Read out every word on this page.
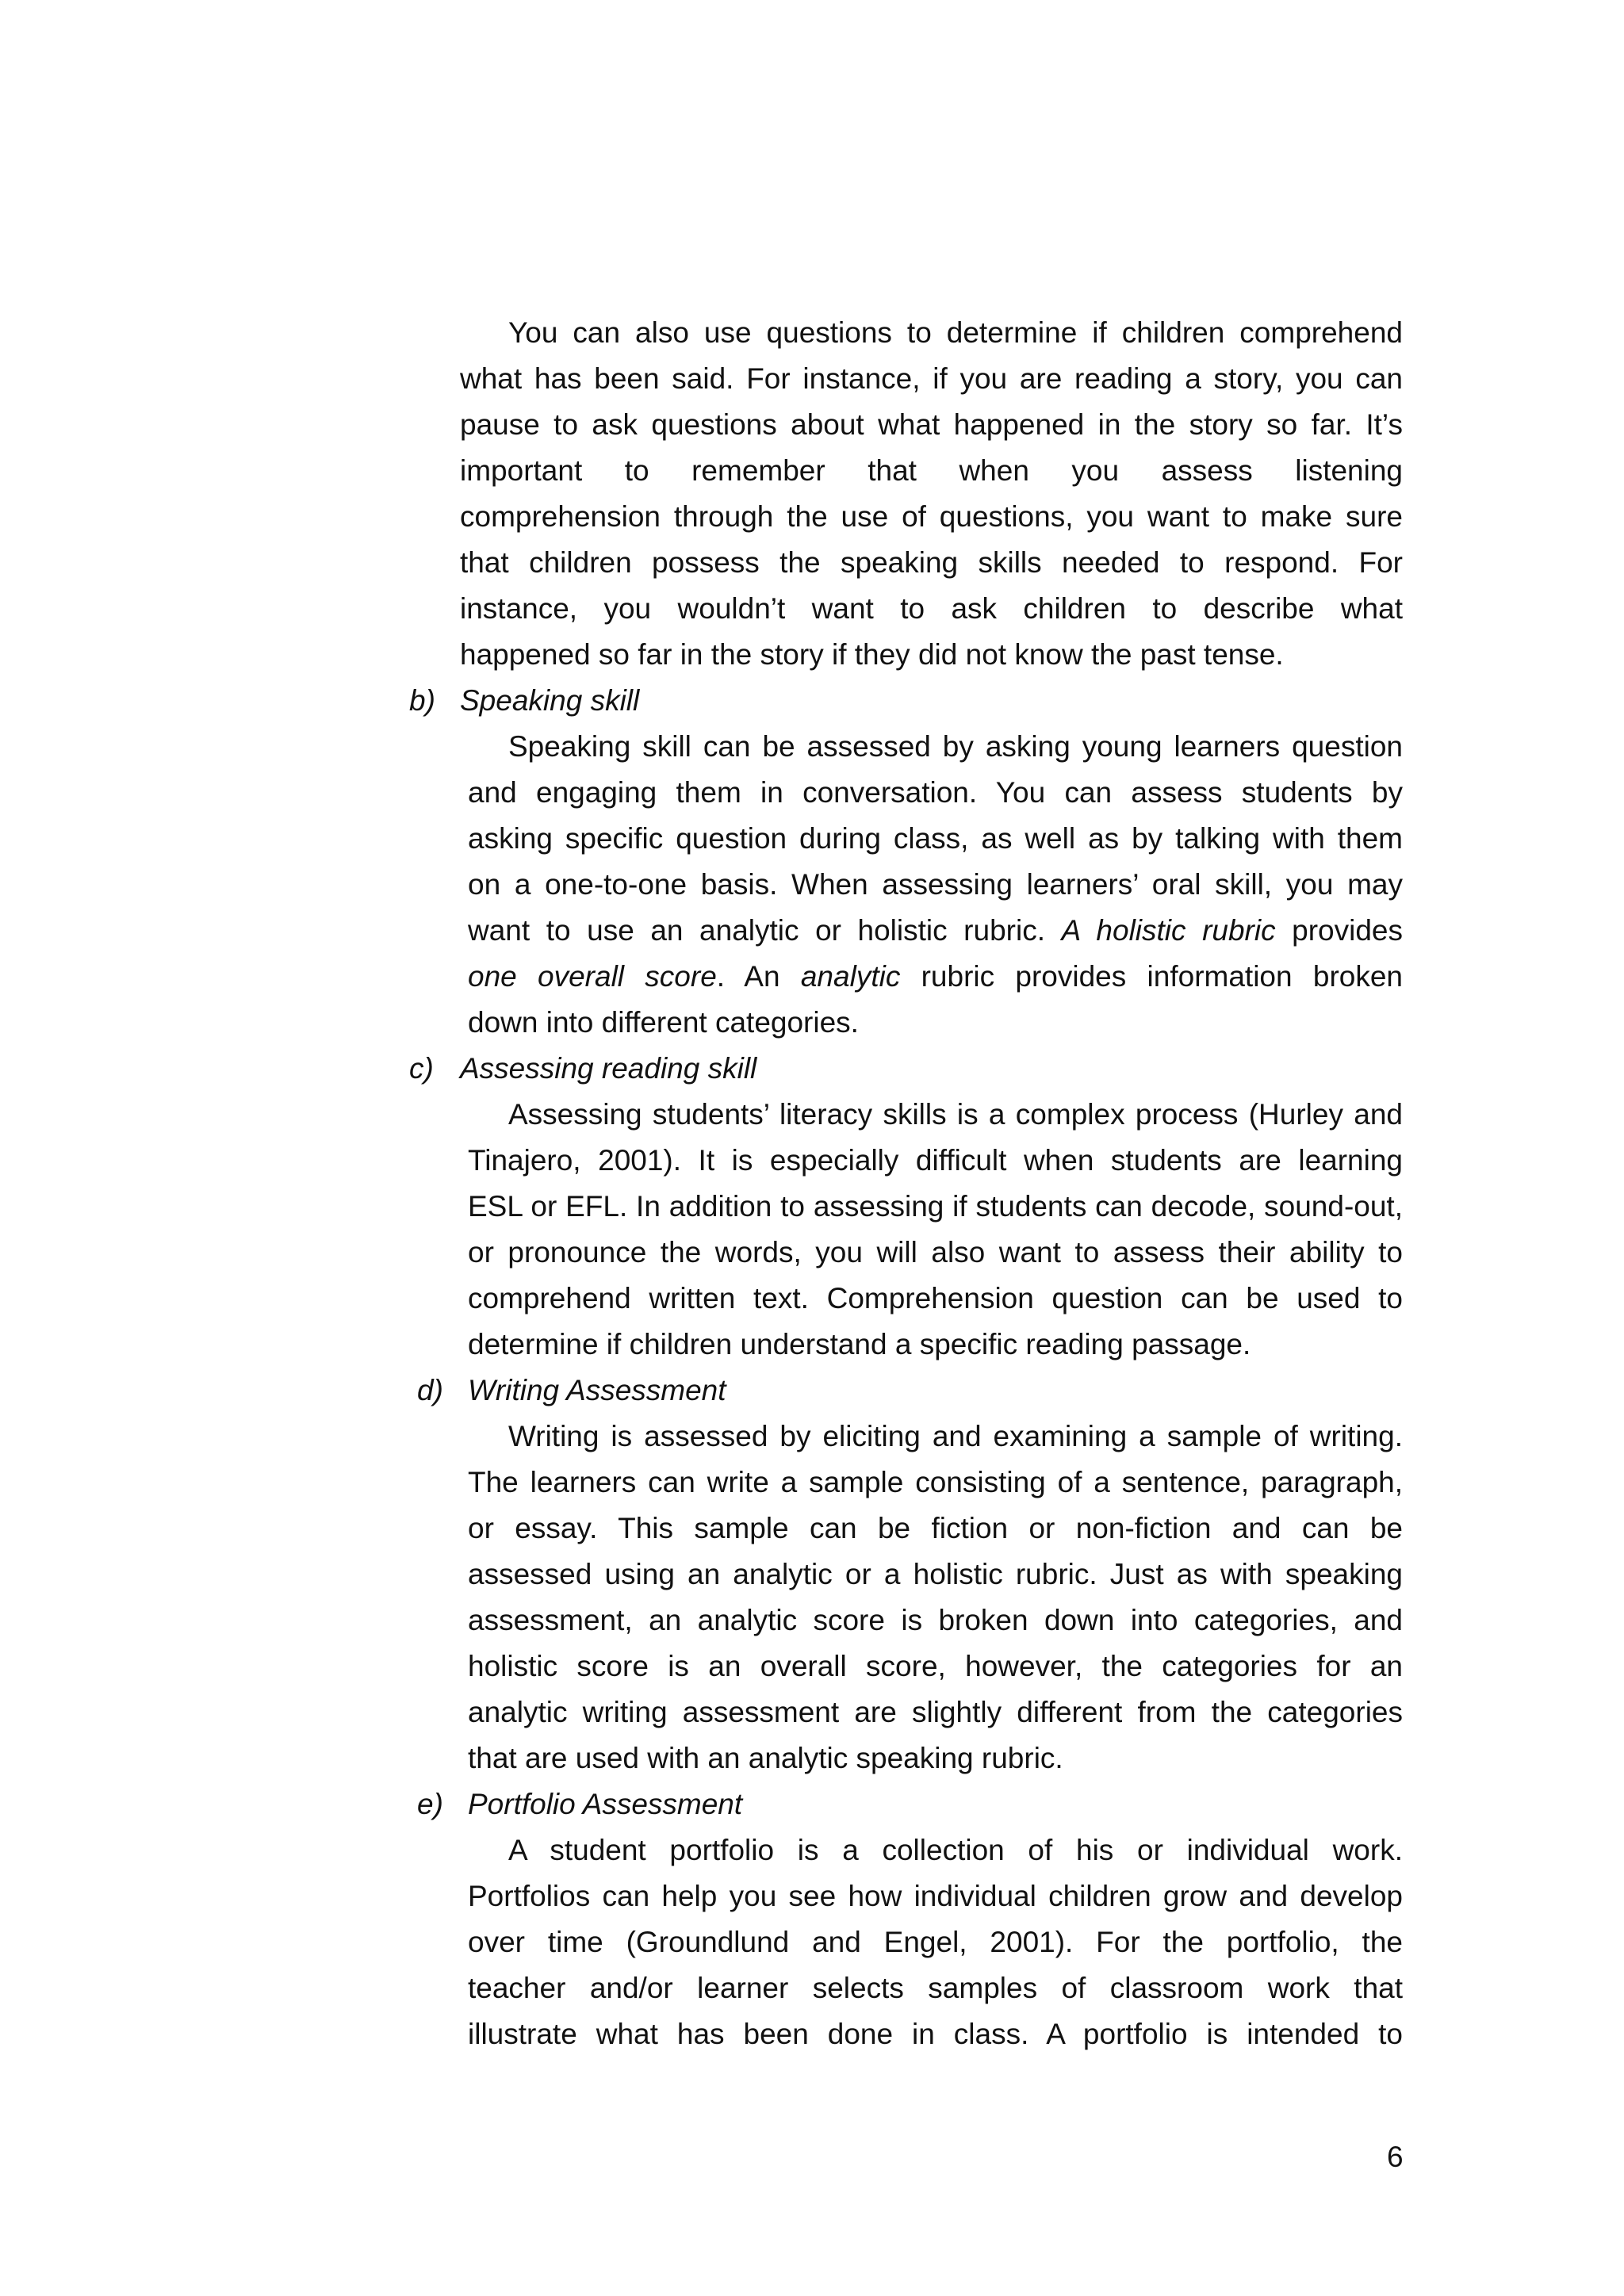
You can also use questions to determine if children comprehend
what has been said. For instance, if you are reading a story, you can
pause to ask questions about what happened in the story so far. It’s
important to remember that when you assess listening
comprehension through the use of questions, you want to make sure
that children possess the speaking skills needed to respond. For
instance, you wouldn’t want to ask children to describe what
happened so far in the story if they did not know the past tense.
b) Speaking skill
Speaking skill can be assessed by asking young learners question
and engaging them in conversation. You can assess students by
asking specific question during class, as well as by talking with them
on a one-to-one basis. When assessing learners’ oral skill, you may
want to use an analytic or holistic rubric. A holistic rubric provides
one overall score. An analytic rubric provides information broken
down into different categories.
c) Assessing reading skill
Assessing students’ literacy skills is a complex process (Hurley and
Tinajero, 2001). It is especially difficult when students are learning
ESL or EFL. In addition to assessing if students can decode, sound-out,
or pronounce the words, you will also want to assess their ability to
comprehend written text. Comprehension question can be used to
determine if children understand a specific reading passage.
d) Writing Assessment
Writing is assessed by eliciting and examining a sample of writing.
The learners can write a sample consisting of a sentence, paragraph,
or essay. This sample can be fiction or non-fiction and can be
assessed using an analytic or a holistic rubric. Just as with speaking
assessment, an analytic score is broken down into categories, and
holistic score is an overall score, however, the categories for an
analytic writing assessment are slightly different from the categories
that are used with an analytic speaking rubric.
e) Portfolio Assessment
A student portfolio is a collection of his or individual work.
Portfolios can help you see how individual children grow and develop
over time (Groundlund and Engel, 2001). For the portfolio, the
teacher and/or learner selects samples of classroom work that
illustrate what has been done in class. A portfolio is intended to
6
